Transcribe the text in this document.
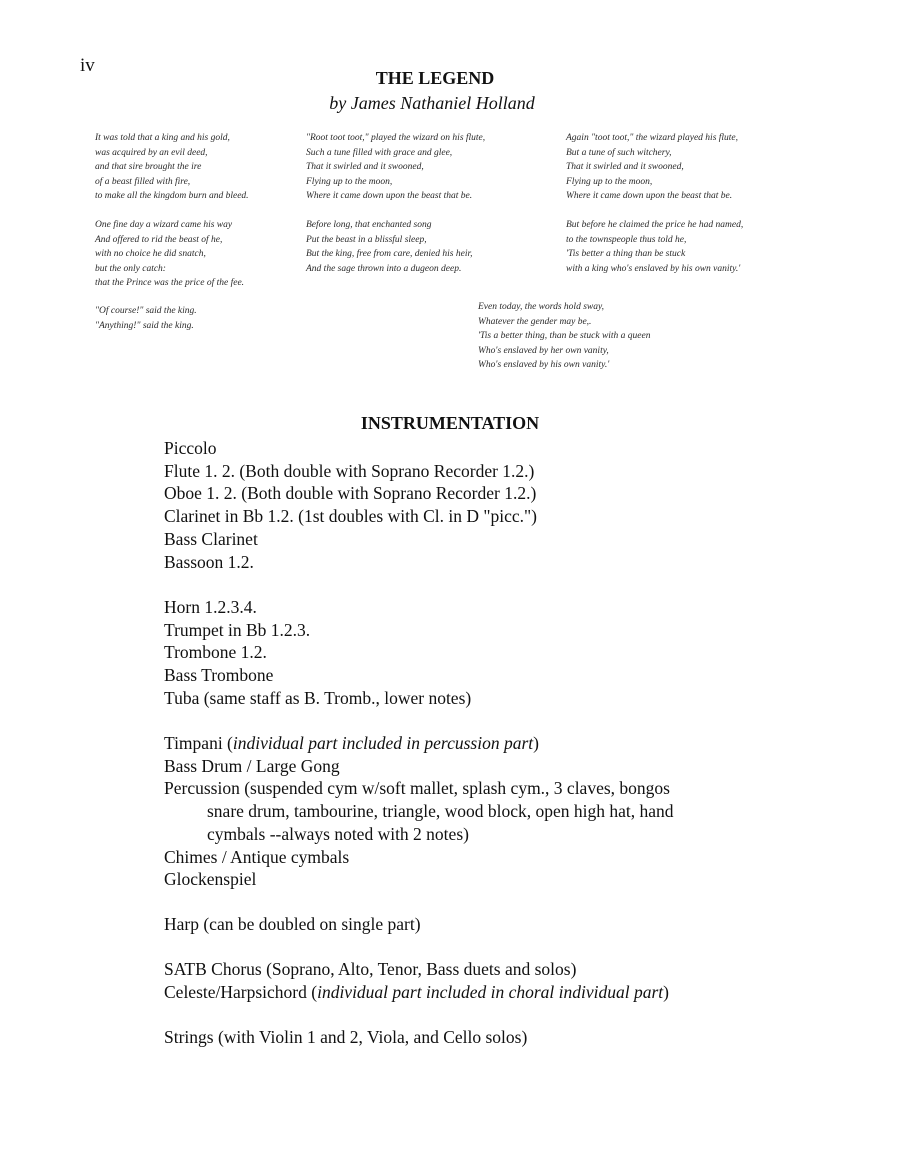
iv
THE LEGEND
by James Nathaniel Holland
It was told that a king and his gold,
was acquired by an evil deed,
and that sire brought the ire
of a beast filled with fire,
to make all the kingdom burn and bleed.
"Root toot toot," played the wizard on his flute,
Such a tune filled with grace and glee,
That it swirled and it swooned,
Flying up to the moon,
Where it came down upon the beast that be.
Again "toot toot," the wizard played his flute,
But a tune of such witchery,
That it swirled and it swooned,
Flying up to the moon,
Where it came down upon the beast that be.
One fine day a wizard came his way
And offered to rid the beast of he,
with no choice he did snatch,
but the only catch:
that the Prince was the price of the fee.
Before long, that enchanted song
Put the beast in a blissful sleep,
But the king, free from care, denied his heir,
And the sage thrown into a dugeon deep.
But before he claimed the price he had named,
to the townspeople thus told he,
'Tis better a thing than be stuck
with a king who's enslaved by his own vanity.'
"Of course!" said the king.
"Anything!" said the king.
Even today, the words hold sway,
Whatever the gender may be,.
'Tis a better thing, than be stuck with a queen
Who's enslaved by her own vanity,
Who's enslaved by his own vanity.'
INSTRUMENTATION
Piccolo
Flute 1. 2. (Both double with Soprano Recorder 1.2.)
Oboe 1. 2. (Both double with Soprano Recorder 1.2.)
Clarinet in Bb 1.2. (1st doubles with Cl. in D "picc.")
Bass Clarinet
Bassoon 1.2.
Horn 1.2.3.4.
Trumpet in Bb 1.2.3.
Trombone 1.2.
Bass Trombone
Tuba (same staff as B. Tromb., lower notes)
Timpani (individual part included in percussion part)
Bass Drum / Large Gong
Percussion (suspended cym w/soft mallet, splash cym., 3 claves, bongos
snare drum, tambourine, triangle, wood block, open high hat, hand
cymbals --always noted with 2 notes)
Chimes / Antique cymbals
Glockenspiel
Harp (can be doubled on single part)
SATB Chorus (Soprano, Alto, Tenor, Bass duets and solos)
Celeste/Harpsichord (individual part included in choral individual part)
Strings (with Violin 1 and 2, Viola, and Cello solos)
